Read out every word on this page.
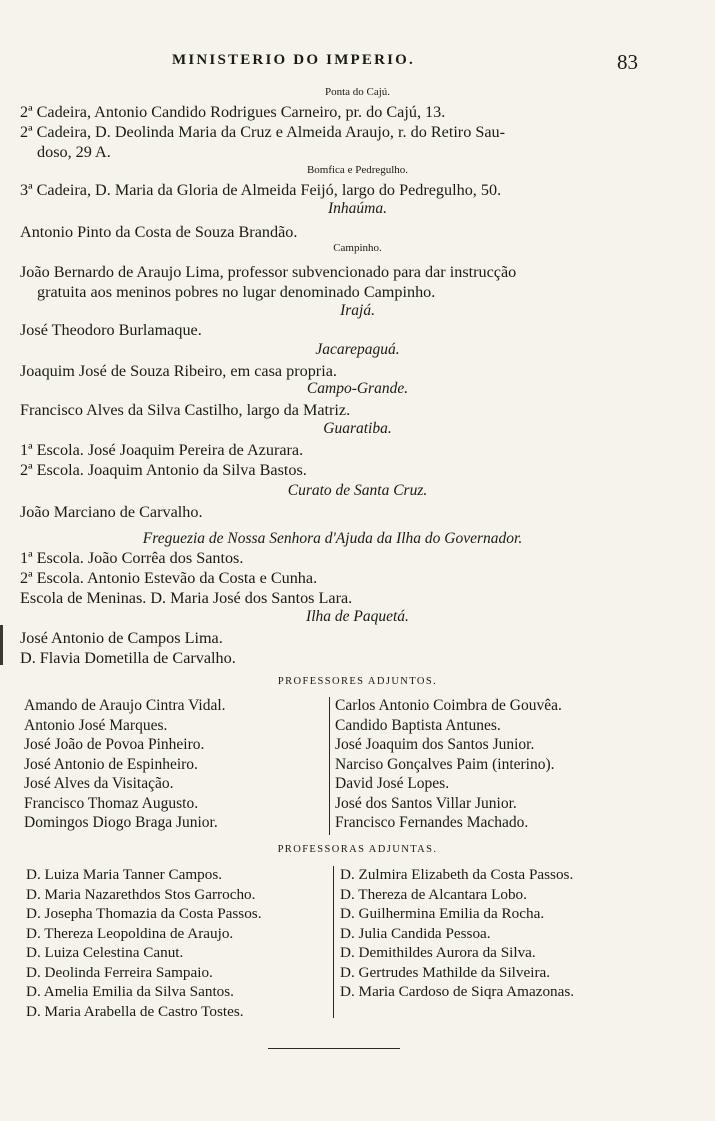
MINISTERIO DO IMPERIO.	83
Ponta do Cajú.
2ª Cadeira, Antonio Candido Rodrigues Carneiro, pr. do Cajú, 13.
2ª Cadeira, D. Deolinda Maria da Cruz e Almeida Araujo, r. do Retiro Sau-
doso, 29 A.
Bomfica e Pedregulho.
3ª Cadeira, D. Maria da Gloria de Almeida Feijó, largo do Pedregulho, 50.
Inhaúma.
Antonio Pinto da Costa de Souza Brandão.
Campinho.
João Bernardo de Araujo Lima, professor subvencionado para dar instrucção
gratuita aos meninos pobres no lugar denominado Campinho.
Irajá.
José Theodoro Burlamaque.
Jacarepaguá.
Joaquim José de Souza Ribeiro, em casa propria.
Campo-Grande.
Francisco Alves da Silva Castilho, largo da Matriz.
Guaratiba.
1ª Escola. José Joaquim Pereira de Azurara.
2ª Escola. Joaquim Antonio da Silva Bastos.
Curato de Santa Cruz.
João Marciano de Carvalho.
Freguezia de Nossa Senhora d'Ajuda da Ilha do Governador.
1ª Escola. João Corrêa dos Santos.
2ª Escola. Antonio Estevão da Costa e Cunha.
Escola de Meninas. D. Maria José dos Santos Lara.
Ilha de Paquetá.
José Antonio de Campos Lima.
D. Flavia Dometilla de Carvalho.
PROFESSORES ADJUNTOS.
Amando de Araujo Cintra Vidal.
Antonio José Marques.
José João de Povoa Pinheiro.
José Antonio de Espinheiro.
José Alves da Visitação.
Francisco Thomaz Augusto.
Domingos Diogo Braga Junior.
Carlos Antonio Coimbra de Gouvêa.
Candido Baptista Antunes.
José Joaquim dos Santos Junior.
Narciso Gonçalves Paim (interino).
David José Lopes.
José dos Santos Villar Junior.
Francisco Fernandes Machado.
PROFESSORAS ADJUNTAS.
D. Luiza Maria Tanner Campos.
D. Maria Nazarethdos Stos Garrocho.
D. Josepha Thomazia da Costa Passos.
D. Thereza Leopoldina de Araujo.
D. Luiza Celestina Canut.
D. Deolinda Ferreira Sampaio.
D. Amelia Emilia da Silva Santos.
D. Maria Arabella de Castro Tostes.
D. Zulmira Elizabeth da Costa Passos.
D. Thereza de Alcantara Lobo.
D. Guilhermina Emilia da Rocha.
D. Julia Candida Pessoa.
D. Demithildes Aurora da Silva.
D. Gertrudes Mathilde da Silveira.
D. Maria Cardoso de Siqra Amazonas.
